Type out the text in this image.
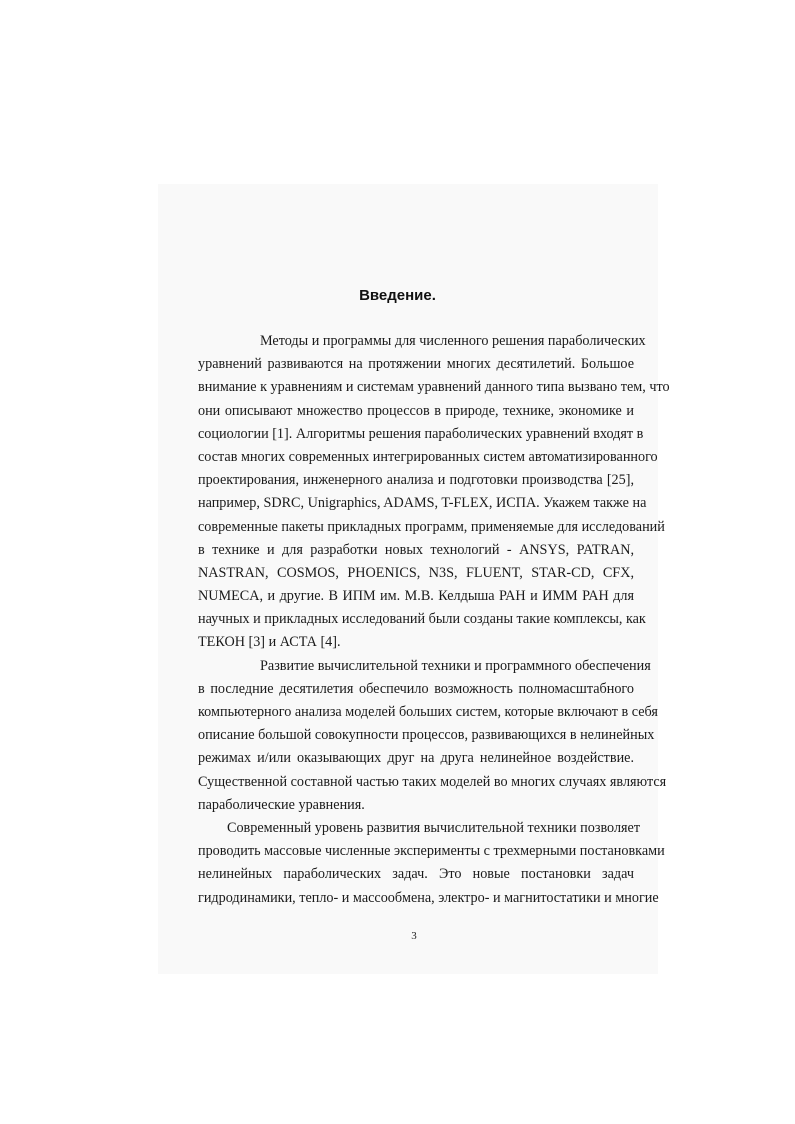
Введение.
Методы и программы для численного решения параболических
уравнений развиваются на протяжении многих десятилетий. Большое
внимание к уравнениям и системам уравнений данного типа вызвано тем, что
они описывают множество процессов в природе, технике, экономике и
социологии [1]. Алгоритмы решения параболических уравнений входят в
состав многих современных интегрированных систем автоматизированного
проектирования, инженерного анализа и подготовки производства [25],
например, SDRC, Unigraphics, ADAMS, T-FLEX, ИСПА. Укажем также на
современные пакеты прикладных программ, применяемые для исследований
в технике и для разработки новых технологий - ANSYS, PATRAN,
NASTRAN, COSMOS, PHOENICS, N3S, FLUENT, STAR-CD, CFX,
NUMECA, и другие. В ИПМ им. М.В. Келдыша РАН и ИММ РАН для
научных и прикладных исследований были созданы такие комплексы, как
ТЕКОН [3] и АСТА [4].
Развитие вычислительной техники и программного обеспечения
в последние десятилетия обеспечило возможность полномасштабного
компьютерного анализа моделей больших систем, которые включают в себя
описание большой совокупности процессов, развивающихся в нелинейных
режимах и/или оказывающих друг на друга нелинейное воздействие.
Существенной составной частью таких моделей во многих случаях являются
параболические уравнения.
Современный уровень развития вычислительной техники позволяет
проводить массовые численные эксперименты с трехмерными постановками
нелинейных параболических задач. Это новые постановки задач
гидродинамики, тепло- и массообмена, электро- и магнитостатики и многие
3
